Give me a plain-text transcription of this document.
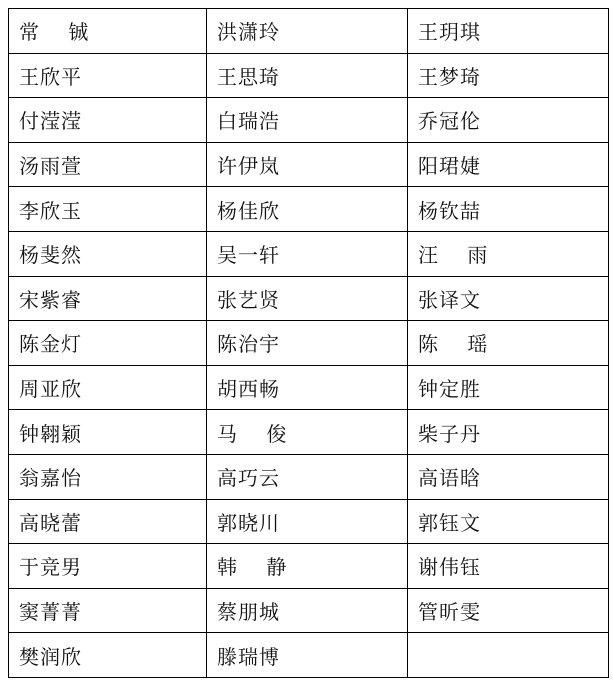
常　 铖	洪潇玲	王玥琪
王欣平	王思琦	王梦琦
付滢滢	白瑞浩	乔冠伦
汤雨萱	许伊岚	阳珺婕
李欣玉	杨佳欣	杨钦喆
杨斐然	吴一轩	汪　 雨
宋紫睿	张艺贤	张译文
陈金灯	陈治宇	陈　 瑶
周亚欣	胡西畅	钟定胜
钟翱颖	马　 俊	柴子丹
翁嘉怡	高巧云	高语晗
高晓蕾	郭晓川	郭钰文
于竞男	韩　 静	谢伟钰
窦菁菁	蔡朋城	管昕雯
樊润欣	滕瑞博	
